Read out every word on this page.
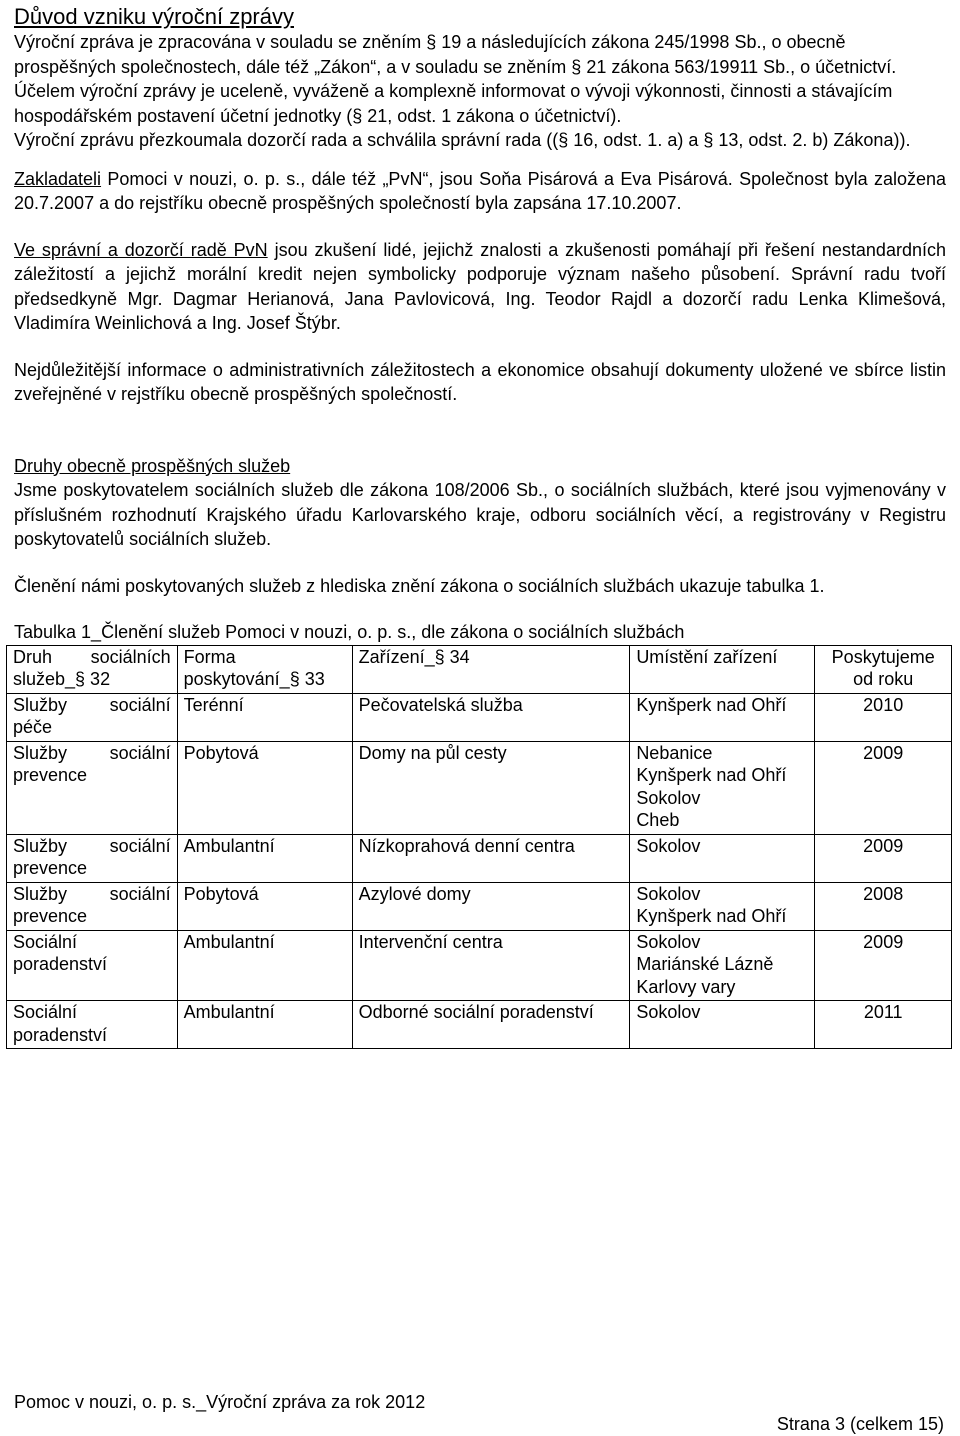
Důvod vzniku výroční zprávy

Výroční zpráva je zpracována v souladu se zněním § 19 a následujících zákona 245/1998 Sb., o obecně prospěšných společnostech, dále též „Zákon“, a v souladu se zněním § 21 zákona 563/19911 Sb., o účetnictví.

Účelem výroční zprávy je uceleně, vyváženě a komplexně informovat o vývoji výkonnosti, činnosti a stávajícím hospodářském postavení účetní jednotky (§ 21, odst. 1 zákona o účetnictví).

Výroční zprávu přezkoumala dozorčí rada a schválila správní rada ((§ 16, odst. 1. a) a § 13, odst. 2. b) Zákona)).

Zakladateli Pomoci v nouzi, o. p. s., dále též „PvN“, jsou Soňa Pisárová a Eva Pisárová. Společnost byla založena 20.7.2007 a do rejstříku obecně prospěšných společností byla zapsána 17.10.2007.

Ve správní a dozorčí radě PvN jsou zkušení lidé, jejichž znalosti a zkušenosti pomáhají při řešení nestandardních záležitostí a jejichž morální kredit nejen symbolicky podporuje význam našeho působení. Správní radu tvoří předsedkyně Mgr. Dagmar Herianová, Jana Pavlovicová, Ing. Teodor Rajdl a dozorčí radu Lenka Klimešová, Vladimíra Weinlichová a Ing. Josef Štýbr.

Nejdůležitější informace o administrativních záležitostech a ekonomice obsahují dokumenty uložené ve sbírce listin zveřejněné v rejstříku obecně prospěšných společností.

Druhy obecně prospěšných služeb

Jsme poskytovatelem sociálních služeb dle zákona 108/2006 Sb., o sociálních službách, které jsou vyjmenovány v příslušném rozhodnutí Krajského úřadu Karlovarského kraje, odboru sociálních věcí, a registrovány v Registru poskytovatelů sociálních služeb.

Členění námi poskytovaných služeb z hlediska znění zákona o sociálních službách ukazuje tabulka 1.

Tabulka 1_Členění služeb Pomoci v nouzi, o. p. s., dle zákona o sociálních službách

Druh sociálních
služeb_§ 32	Forma
poskytování_§ 33	Zařízení_§ 34	Umístění zařízení	Poskytujeme
od roku

Služby sociální
péče	Terénní	Pečovatelská služba	Kynšperk nad Ohří	2010

Služby sociální
prevence	Pobytová	Domy na půl cesty	Nebanice
Kynšperk nad Ohří
Sokolov
Cheb	2009

Služby sociální
prevence	Ambulantní	Nízkoprahová denní centra	Sokolov	2009

Služby sociální
prevence	Pobytová	Azylové domy	Sokolov
Kynšperk nad Ohří	2008

Sociální
poradenství	Ambulantní	Intervenční centra	Sokolov
Mariánské Lázně
Karlovy vary	2009

Sociální
poradenství	Ambulantní	Odborné sociální poradenství	Sokolov	2011
Pomoc v nouzi, o. p. s._Výroční zpráva za rok 2012
Strana 3 (celkem 15)
